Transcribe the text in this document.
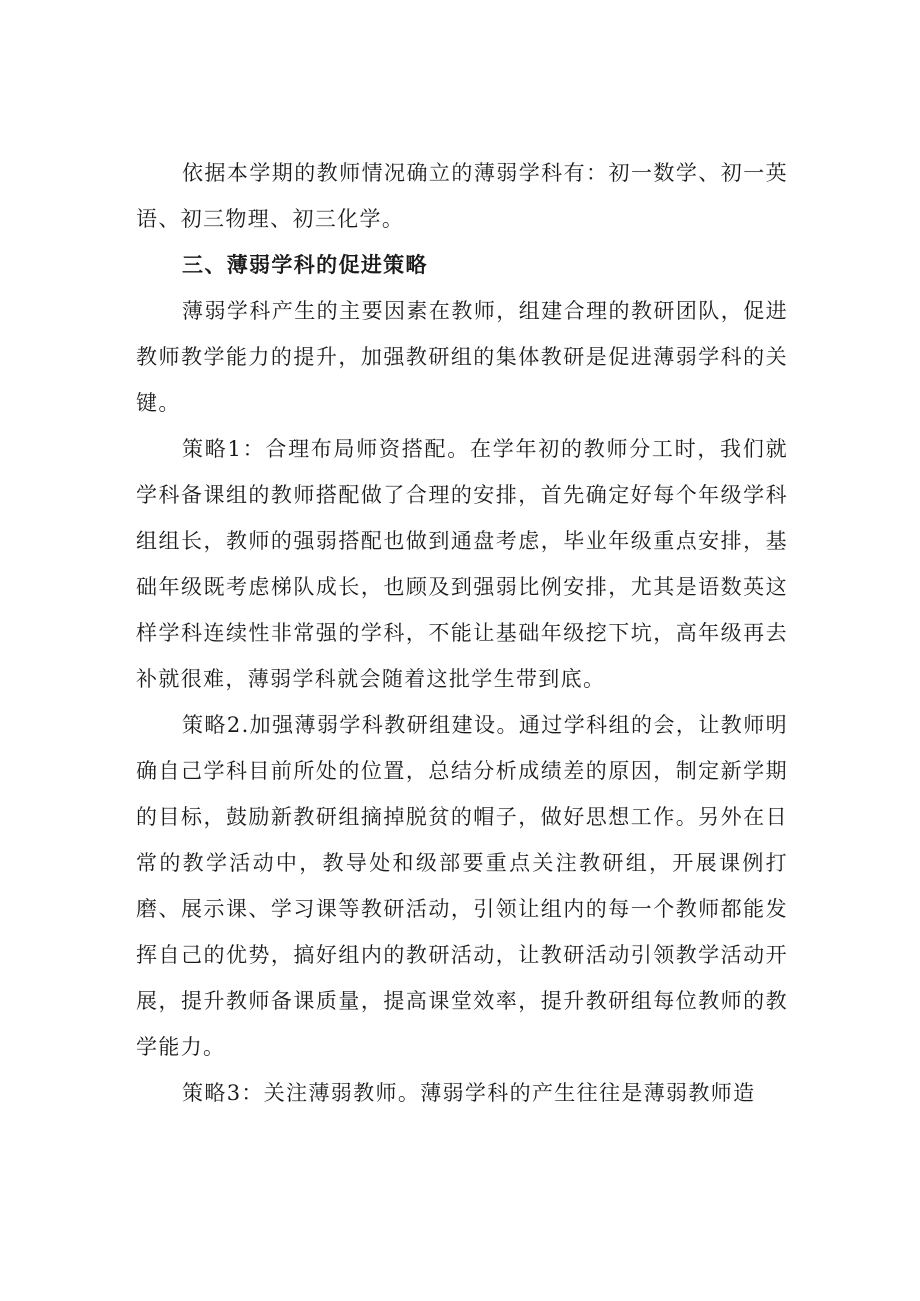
依据本学期的教师情况确立的薄弱学科有：初一数学、初一英语、初三物理、初三化学。

三、薄弱学科的促进策略

薄弱学科产生的主要因素在教师，组建合理的教研团队，促进教师教学能力的提升，加强教研组的集体教研是促进薄弱学科的关键。

策略1：合理布局师资搭配。在学年初的教师分工时，我们就学科备课组的教师搭配做了合理的安排，首先确定好每个年级学科组组长，教师的强弱搭配也做到通盘考虑，毕业年级重点安排，基础年级既考虑梯队成长，也顾及到强弱比例安排，尤其是语数英这样学科连续性非常强的学科，不能让基础年级挖下坑，高年级再去补就很难，薄弱学科就会随着这批学生带到底。

策略2.加强薄弱学科教研组建设。通过学科组的会，让教师明确自己学科目前所处的位置，总结分析成绩差的原因，制定新学期的目标，鼓励新教研组摘掉脱贫的帽子，做好思想工作。另外在日常的教学活动中，教导处和级部要重点关注教研组，开展课例打磨、展示课、学习课等教研活动，引领让组内的每一个教师都能发挥自己的优势，搞好组内的教研活动，让教研活动引领教学活动开展，提升教师备课质量，提高课堂效率，提升教研组每位教师的教学能力。

策略3：关注薄弱教师。薄弱学科的产生往往是薄弱教师造
